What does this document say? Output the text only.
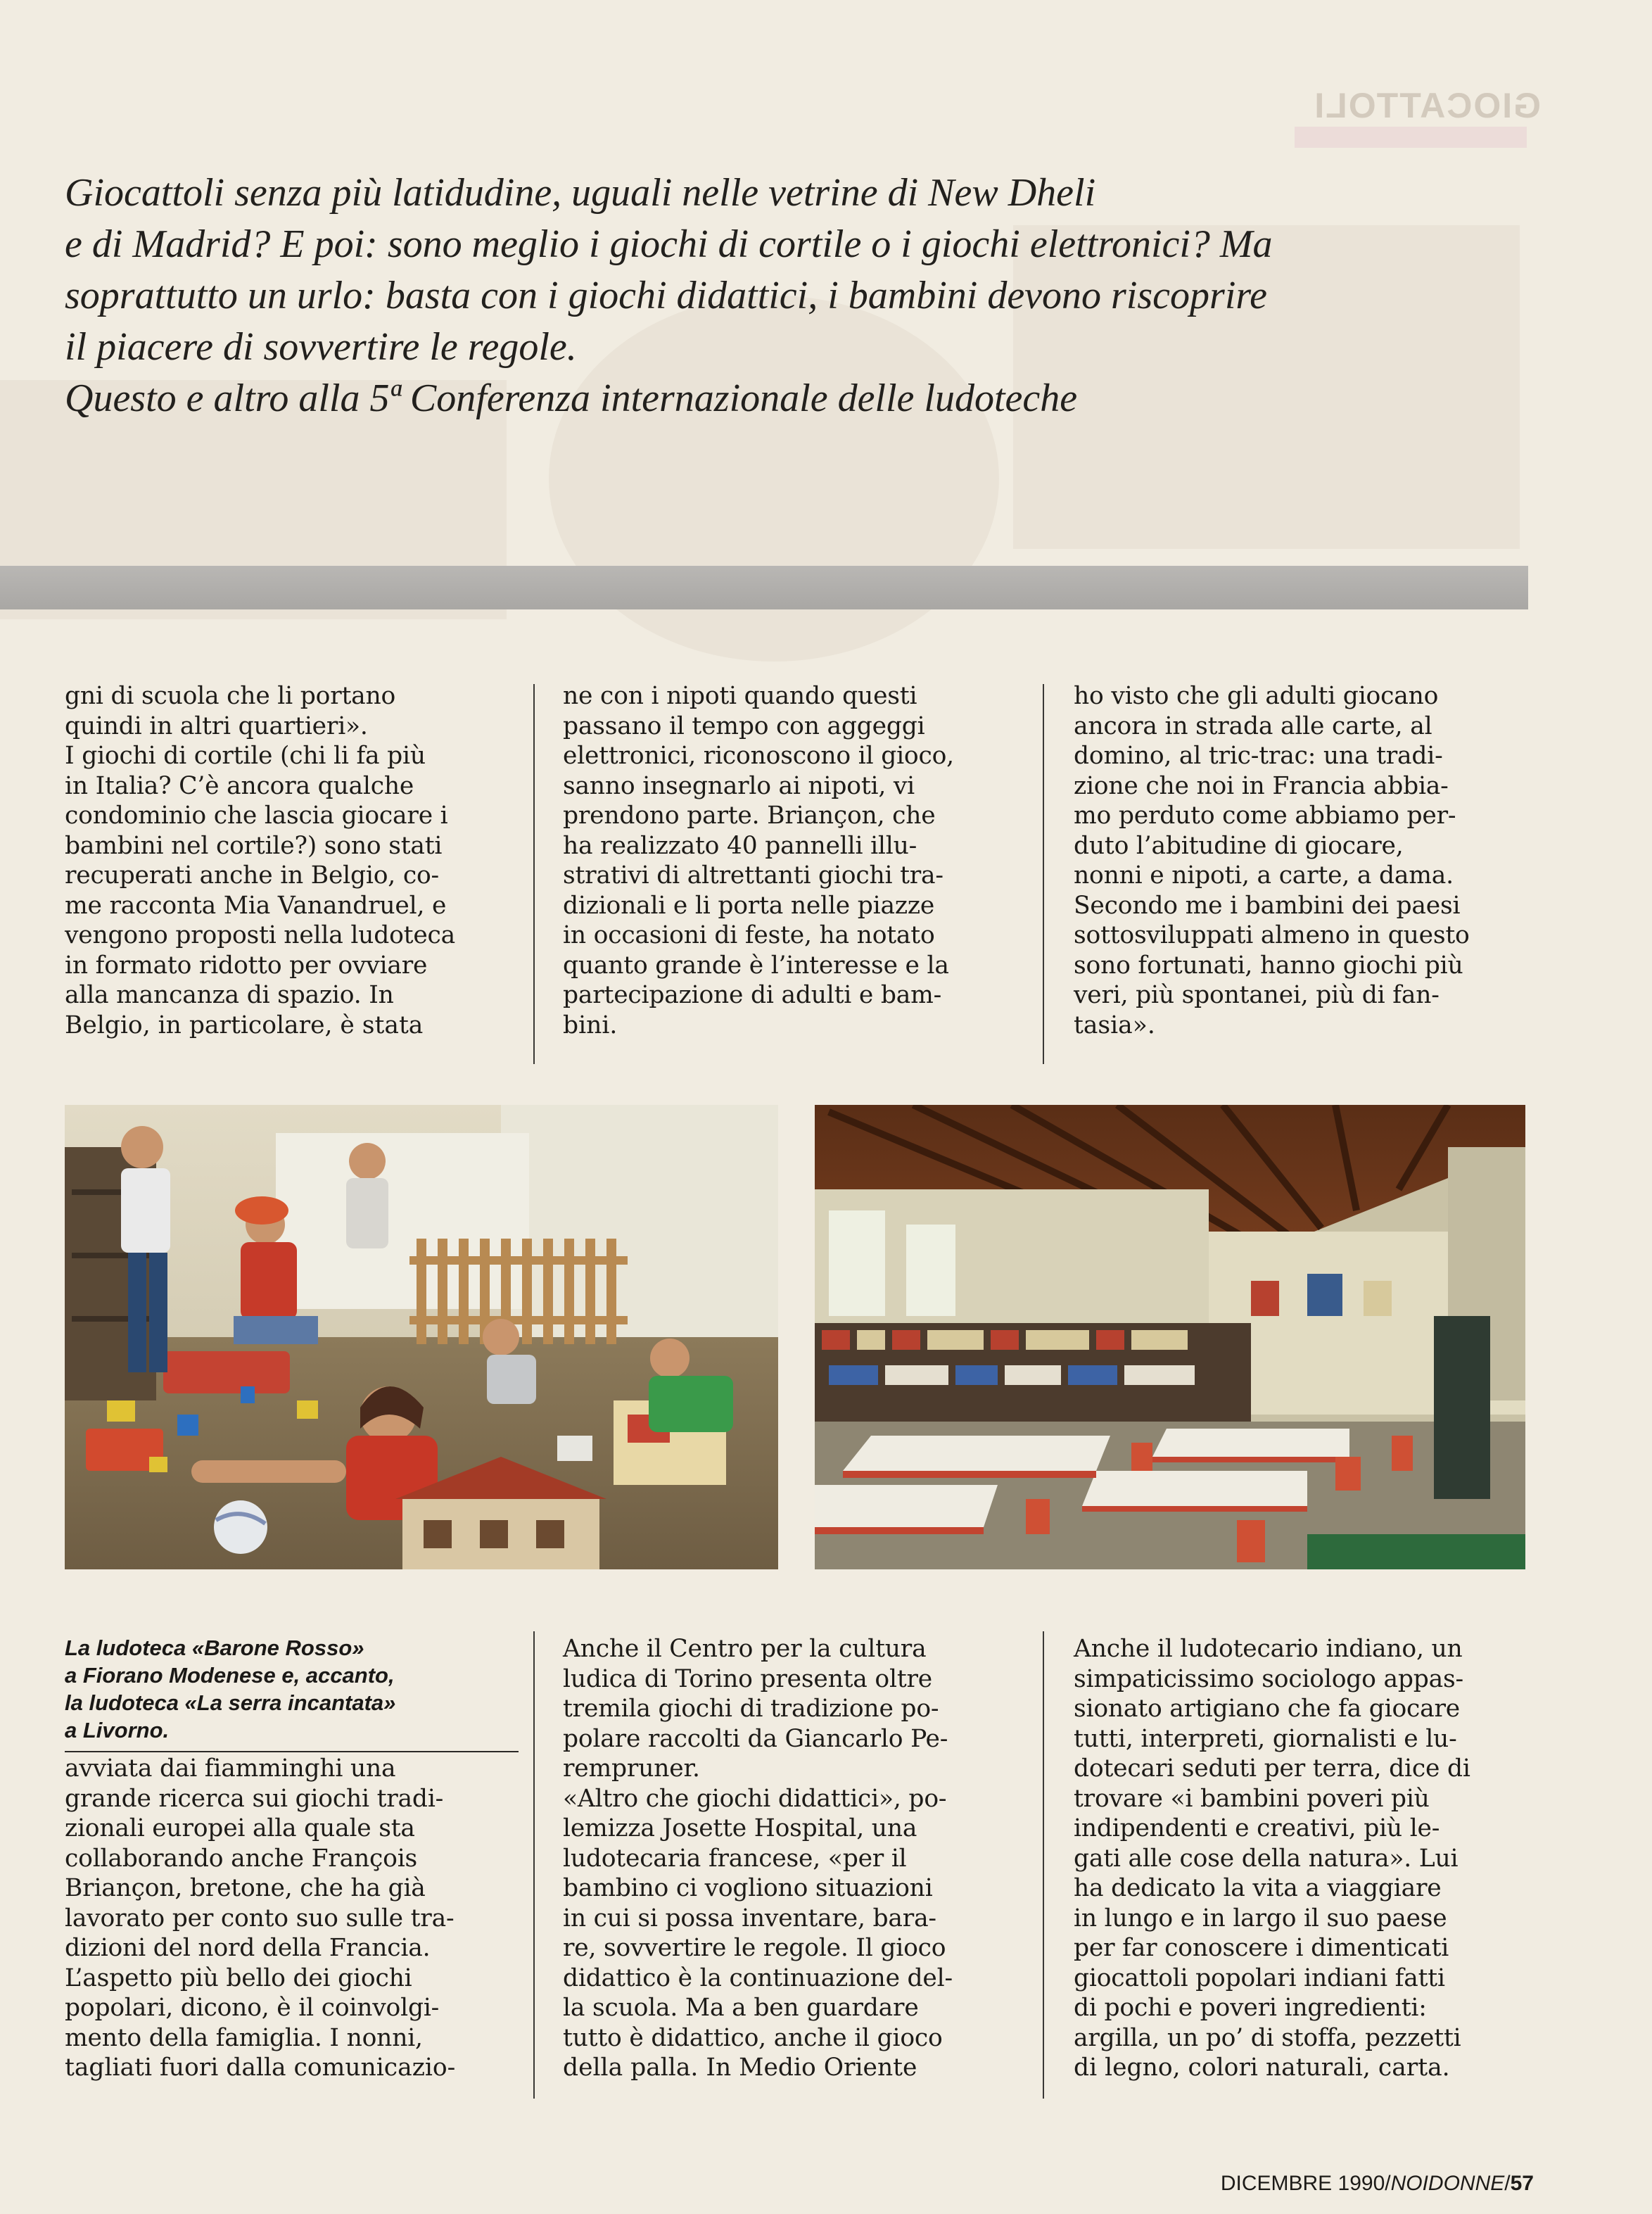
GIOCATTOLI

Giocattoli senza più latidudine, uguali nelle vetrine di New Dheli

e di Madrid? E poi: sono meglio i giochi di cortile o i giochi elettronici? Ma

soprattutto un urlo: basta con i giochi didattici, i bambini devono riscoprire

il piacere di sovvertire le regole.

Questo e altro alla 5ª Conferenza internazionale delle ludoteche

gni di scuola che li portano

quindi in altri quartieri».

I giochi di cortile (chi li fa più

in Italia? C’è ancora qualche

condominio che lascia giocare i

bambini nel cortile?) sono stati

recuperati anche in Belgio, co-

me racconta Mia Vanandruel, e

vengono proposti nella ludoteca

in formato ridotto per ovviare

alla mancanza di spazio. In

Belgio, in particolare, è stata

ne con i nipoti quando questi

passano il tempo con aggeggi

elettronici, riconoscono il gioco,

sanno insegnarlo ai nipoti, vi

prendono parte. Briançon, che

ha realizzato 40 pannelli illu-

strativi di altrettanti giochi tra-

dizionali e li porta nelle piazze

in occasioni di feste, ha notato

quanto grande è l’interesse e la

partecipazione di adulti e bam-

bini.

ho visto che gli adulti giocano

ancora in strada alle carte, al

domino, al tric-trac: una tradi-

zione che noi in Francia abbia-

mo perduto come abbiamo per-

duto l’abitudine di giocare,

nonni e nipoti, a carte, a dama.

Secondo me i bambini dei paesi

sottosviluppati almeno in questo

sono fortunati, hanno giochi più

veri, più spontanei, più di fan-

tasia».

La ludoteca «Barone Rosso»

a Fiorano Modenese e, accanto,

la ludoteca «La serra incantata»

a Livorno.

avviata dai fiamminghi una

grande ricerca sui giochi tradi-

zionali europei alla quale sta

collaborando anche François

Briançon, bretone, che ha già

lavorato per conto suo sulle tra-

dizioni del nord della Francia.

L’aspetto più bello dei giochi

popolari, dicono, è il coinvolgi-

mento della famiglia. I nonni,

tagliati fuori dalla comunicazio-

Anche il Centro per la cultura

ludica di Torino presenta oltre

tremila giochi di tradizione po-

polare raccolti da Giancarlo Pe-

rempruner.

«Altro che giochi didattici», po-

lemizza Josette Hospital, una

ludotecaria francese, «per il

bambino ci vogliono situazioni

in cui si possa inventare, bara-

re, sovvertire le regole. Il gioco

didattico è la continuazione del-

la scuola. Ma a ben guardare

tutto è didattico, anche il gioco

della palla. In Medio Oriente

Anche il ludotecario indiano, un

simpaticissimo sociologo appas-

sionato artigiano che fa giocare

tutti, interpreti, giornalisti e lu-

dotecari seduti per terra, dice di

trovare «i bambini poveri più

indipendenti e creativi, più le-

gati alle cose della natura». Lui

ha dedicato la vita a viaggiare

in lungo e in largo il suo paese

per far conoscere i dimenticati

giocattoli popolari indiani fatti

di pochi e poveri ingredienti:

argilla, un po’ di stoffa, pezzetti

di legno, colori naturali, carta.

DICEMBRE 1990/NOIDONNE/57
